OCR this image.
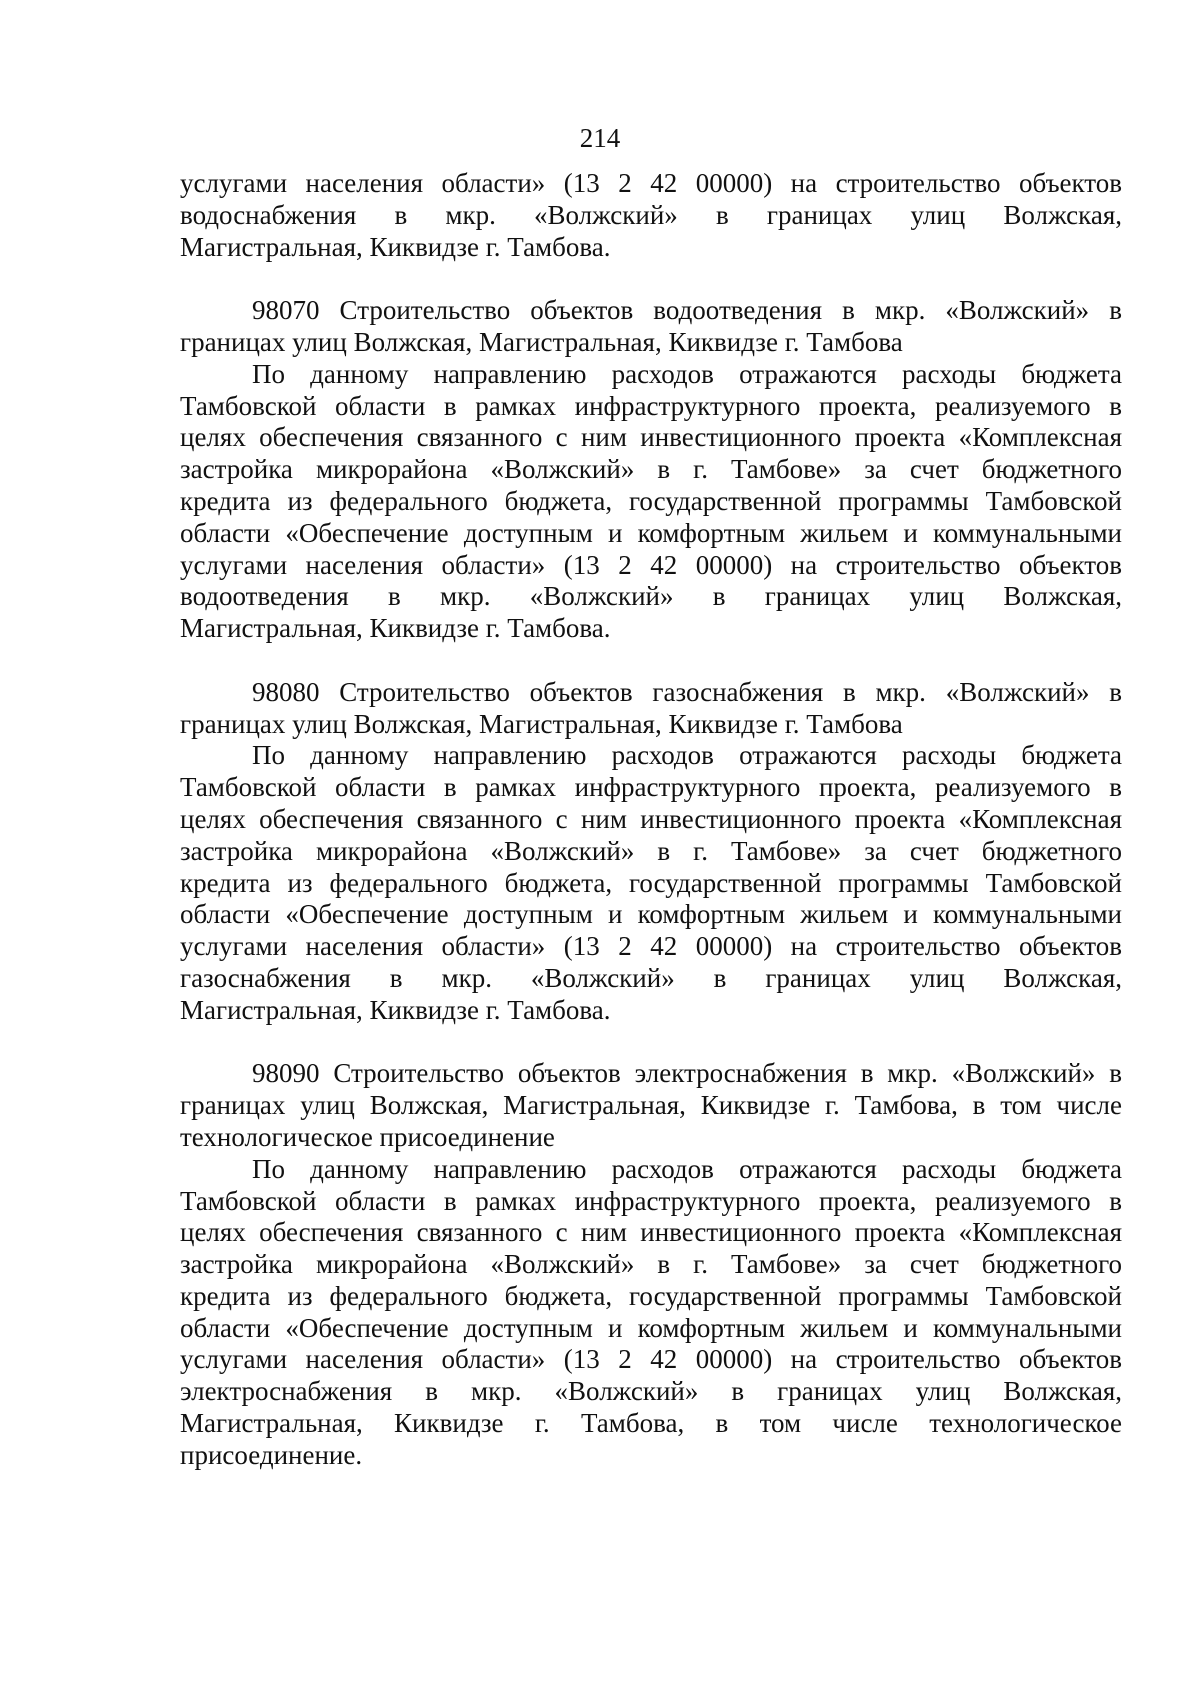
214
услугами населения области» (13 2 42 00000) на строительство объектов
водоснабжения в мкр. «Волжский» в границах улиц Волжская,
Магистральная, Киквидзе г. Тамбова.
98070 Строительство объектов водоотведения в мкр. «Волжский» в
границах улиц Волжская, Магистральная, Киквидзе г. Тамбова
По данному направлению расходов отражаются расходы бюджета
Тамбовской области в рамках инфраструктурного проекта, реализуемого в
целях обеспечения связанного с ним инвестиционного проекта «Комплексная
застройка микрорайона «Волжский» в г. Тамбове» за счет бюджетного
кредита из федерального бюджета, государственной программы Тамбовской
области «Обеспечение доступным и комфортным жильем и коммунальными
услугами населения области» (13 2 42 00000) на строительство объектов
водоотведения в мкр. «Волжский» в границах улиц Волжская,
Магистральная, Киквидзе г. Тамбова.
98080 Строительство объектов газоснабжения в мкр. «Волжский» в
границах улиц Волжская, Магистральная, Киквидзе г. Тамбова
По данному направлению расходов отражаются расходы бюджета
Тамбовской области в рамках инфраструктурного проекта, реализуемого в
целях обеспечения связанного с ним инвестиционного проекта «Комплексная
застройка микрорайона «Волжский» в г. Тамбове» за счет бюджетного
кредита из федерального бюджета, государственной программы Тамбовской
области «Обеспечение доступным и комфортным жильем и коммунальными
услугами населения области» (13 2 42 00000) на строительство объектов
газоснабжения в мкр. «Волжский» в границах улиц Волжская,
Магистральная, Киквидзе г. Тамбова.
98090 Строительство объектов электроснабжения в мкр. «Волжский» в
границах улиц Волжская, Магистральная, Киквидзе г. Тамбова, в том числе
технологическое присоединение
По данному направлению расходов отражаются расходы бюджета
Тамбовской области в рамках инфраструктурного проекта, реализуемого в
целях обеспечения связанного с ним инвестиционного проекта «Комплексная
застройка микрорайона «Волжский» в г. Тамбове» за счет бюджетного
кредита из федерального бюджета, государственной программы Тамбовской
области «Обеспечение доступным и комфортным жильем и коммунальными
услугами населения области» (13 2 42 00000) на строительство объектов
электроснабжения в мкр. «Волжский» в границах улиц Волжская,
Магистральная, Киквидзе г. Тамбова, в том числе технологическое
присоединение.
